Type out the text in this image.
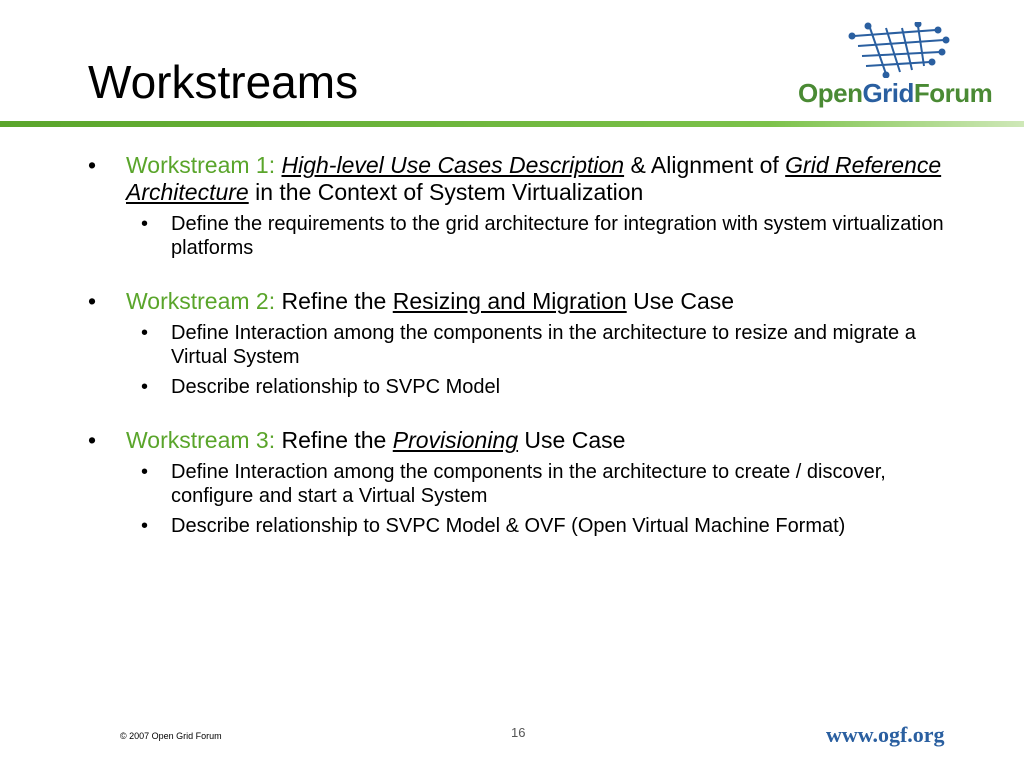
Workstreams	OpenGridForum
• Workstream 1: High-level Use Cases Description & Alignment of Grid Reference Architecture in the Context of System Virtualization
• Define the requirements to the grid architecture for integration with system virtualization platforms
• Workstream 2: Refine the Resizing and Migration Use Case
• Define Interaction among the components in the architecture to resize and migrate a Virtual System
• Describe relationship to SVPC Model
• Workstream 3: Refine the Provisioning Use Case
• Define Interaction among the components in the architecture to create / discover, configure and start a Virtual System
• Describe relationship to SVPC Model & OVF (Open Virtual Machine Format)
© 2007 Open Grid Forum	16	www.ogf.org
